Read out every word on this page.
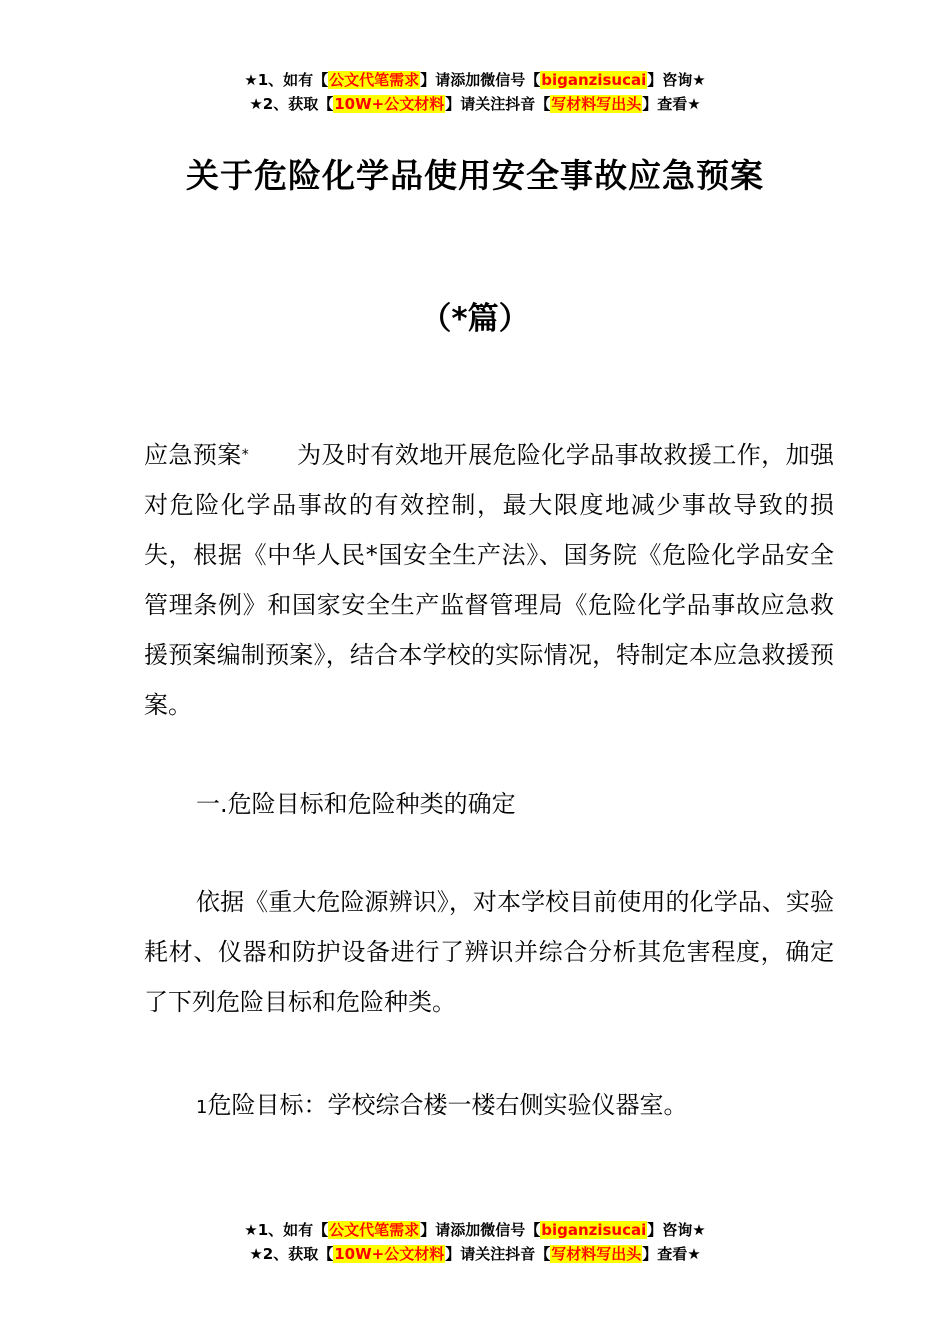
★1、如有【公文代笔需求】请添加微信号【biganzisucai】咨询★
★2、获取【10W+公文材料】请关注抖音【写材料写出头】查看★
关于危险化学品使用安全事故应急预案
（*篇）
应急预案* 为及时有效地开展危险化学品事故救援工作，加强对危险化学品事故的有效控制，最大限度地减少事故导致的损失，根据《中华人民*国安全生产法》、国务院《危险化学品安全管理条例》和国家安全生产监督管理局《危险化学品事故应急救援预案编制预案》，结合本学校的实际情况，特制定本应急救援预案。
一.危险目标和危险种类的确定
依据《重大危险源辨识》，对本学校目前使用的化学品、实验耗材、仪器和防护设备进行了辨识并综合分析其危害程度，确定了下列危险目标和危险种类。
1危险目标：学校综合楼一楼右侧实验仪器室。
★1、如有【公文代笔需求】请添加微信号【biganzisucai】咨询★
★2、获取【10W+公文材料】请关注抖音【写材料写出头】查看★
